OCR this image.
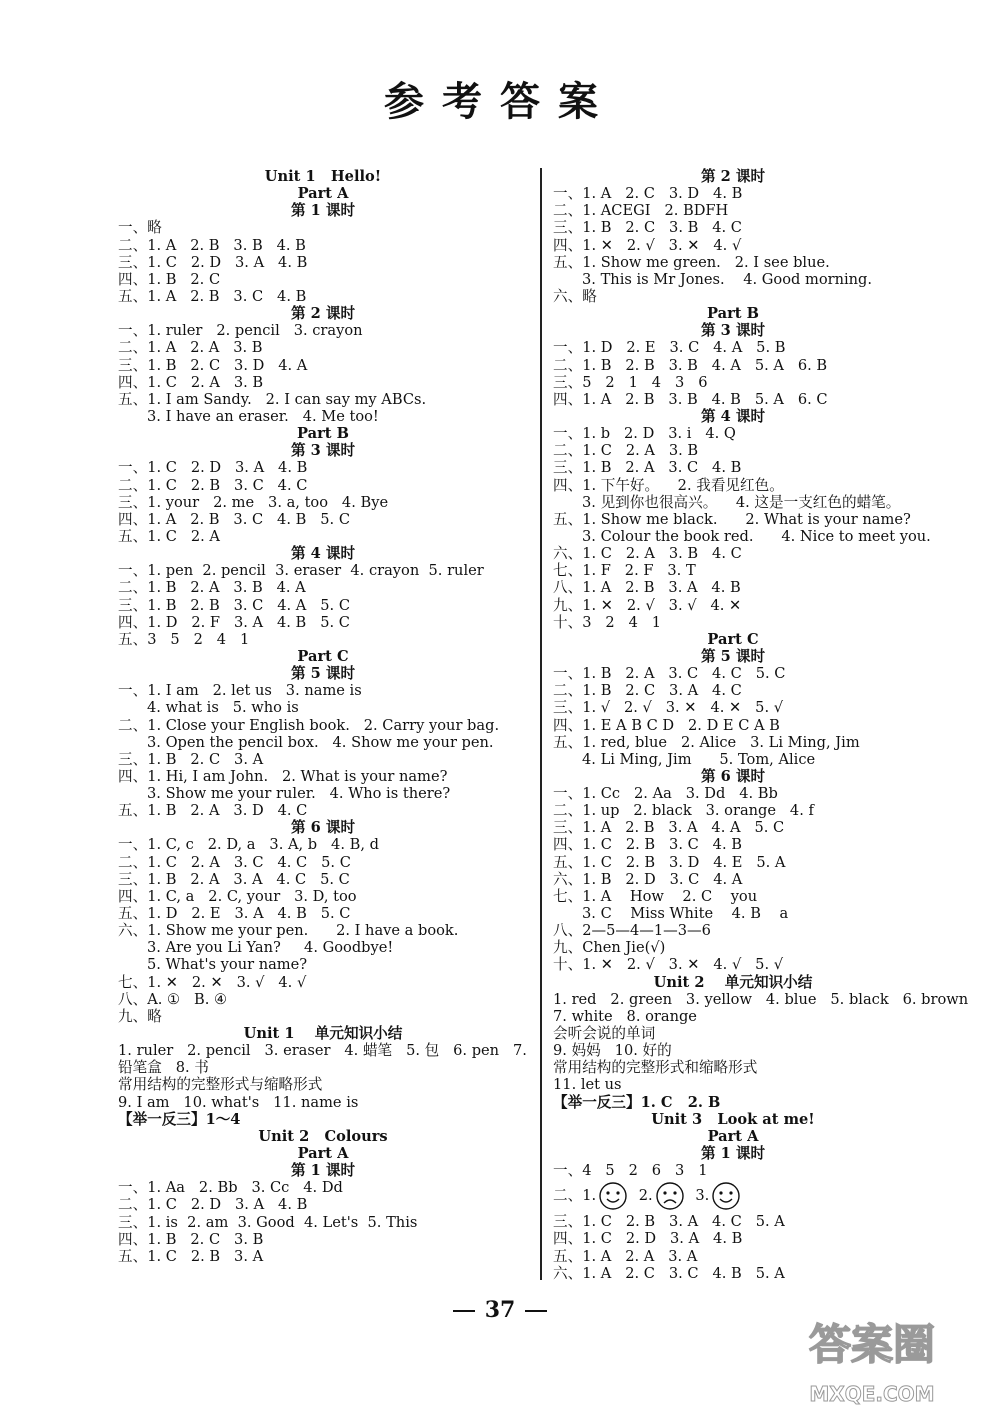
参考答案
Unit 1   Hello!
Part A
第 1 课时
一、略
二、1. A   2. B   3. B   4. B
三、1. C   2. D   3. A   4. B
四、1. B   2. C
五、1. A   2. B   3. C   4. B
第 2 课时
一、1. ruler   2. pencil   3. crayon
二、1. A   2. A   3. B
三、1. B   2. C   3. D   4. A
四、1. C   2. A   3. B
五、1. I am Sandy.   2. I can say my ABCs.
3. I have an eraser.   4. Me too!
Part B
第 3 课时
一、1. C   2. D   3. A   4. B
二、1. C   2. B   3. C   4. C
三、1. your   2. me   3. a, too   4. Bye
四、1. A   2. B   3. C   4. B   5. C
五、1. C   2. A
第 4 课时
一、1. pen  2. pencil  3. eraser  4. crayon  5. ruler
二、1. B   2. A   3. B   4. A
三、1. B   2. B   3. C   4. A   5. C
四、1. D   2. F   3. A   4. B   5. C
五、3   5   2   4   1
Part C
第 5 课时
一、1. I am   2. let us   3. name is
4. what is   5. who is
二、1. Close your English book.   2. Carry your bag.
3. Open the pencil box.   4. Show me your pen.
三、1. B   2. C   3. A
四、1. Hi, I am John.   2. What is your name?
3. Show me your ruler.   4. Who is there?
五、1. B   2. A   3. D   4. C
第 6 课时
一、1. C, c   2. D, a   3. A, b   4. B, d
二、1. C   2. A   3. C   4. C   5. C
三、1. B   2. A   3. A   4. C   5. C
四、1. C, a   2. C, your   3. D, too
五、1. D   2. E   3. A   4. B   5. C
六、1. Show me your pen.      2. I have a book.
3. Are you Li Yan?     4. Goodbye!
5. What's your name?
七、1. ✕   2. ✕   3. √   4. √
八、A. ①   B. ④
九、略
Unit 1    单元知识小结
1. ruler   2. pencil   3. eraser   4. 蜡笔   5. 包   6. pen   7.
铅笔盒   8. 书
常用结构的完整形式与缩略形式
9. I am   10. what's   11. name is
【举一反三】1～4
Unit 2   Colours
Part A
第 1 课时
一、1. Aa   2. Bb   3. Cc   4. Dd
二、1. C   2. D   3. A   4. B
三、1. is  2. am  3. Good  4. Let's  5. This
四、1. B   2. C   3. B
五、1. C   2. B   3. A
第 2 课时
一、1. A   2. C   3. D   4. B
二、1. ACEGI   2. BDFH
三、1. B   2. C   3. B   4. C
四、1. ✕   2. √   3. ✕   4. √
五、1. Show me green.   2. I see blue.
3. This is Mr Jones.    4. Good morning.
六、略
Part B
第 3 课时
一、1. D   2. E   3. C   4. A   5. B
二、1. B   2. B   3. B   4. A   5. A   6. B
三、5   2   1   4   3   6
四、1. A   2. B   3. B   4. B   5. A   6. C
第 4 课时
一、1. b   2. D   3. i   4. Q
二、1. C   2. A   3. B
三、1. B   2. A   3. C   4. B
四、1. 下午好。    2. 我看见红色。
3. 见到你也很高兴。    4. 这是一支红色的蜡笔。
五、1. Show me black.      2. What is your name?
3. Colour the book red.      4. Nice to meet you.
六、1. C   2. A   3. B   4. C
七、1. F   2. F   3. T
八、1. A   2. B   3. A   4. B
九、1. ✕   2. √   3. √   4. ✕
十、3   2   4   1
Part C
第 5 课时
一、1. B   2. A   3. C   4. C   5. C
二、1. B   2. C   3. A   4. C
三、1. √   2. √   3. ✕   4. ✕   5. √
四、1. E A B C D   2. D E C A B
五、1. red, blue   2. Alice   3. Li Ming, Jim
4. Li Ming, Jim      5. Tom, Alice
第 6 课时
一、1. Cc   2. Aa   3. Dd   4. Bb
二、1. up   2. black   3. orange   4. f
三、1. A   2. B   3. A   4. A   5. C
四、1. C   2. B   3. C   4. B
五、1. C   2. B   3. D   4. E   5. A
六、1. B   2. D   3. C   4. A
七、1. A    How    2. C    you
3. C    Miss White    4. B    a
八、2—5—4—1—3—6
九、Chen Jie(√)
十、1. ✕   2. √   3. ✕   4. √   5. √
Unit 2    单元知识小结
1. red   2. green   3. yellow   4. blue   5. black   6. brown
7. white   8. orange
会听会说的单词
9. 妈妈   10. 好的
常用结构的完整形式和缩略形式
11. let us
【举一反三】1. C   2. B
Unit 3   Look at me!
Part A
第 1 课时
一、4   5   2   6   3   1
二、1.	2.	3.
三、1. C   2. B   3. A   4. C   5. A
四、1. C   2. D   3. A   4. B
五、1. A   2. A   3. A
六、1. A   2. C   3. C   4. B   5. A
37
答案圈
MXQE.COM
